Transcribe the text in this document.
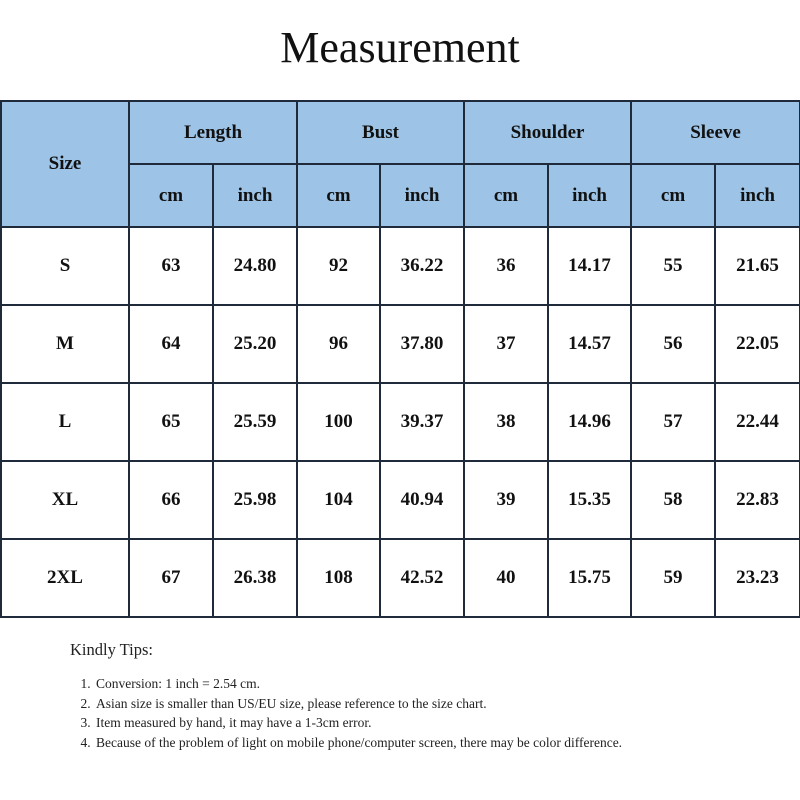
Measurement
Size	Length		Bust		Shoulder		Sleeve	
	cm	inch	cm	inch	cm	inch	cm	inch
S	63	24.80	92	36.22	36	14.17	55	21.65
M	64	25.20	96	37.80	37	14.57	56	22.05
L	65	25.59	100	39.37	38	14.96	57	22.44
XL	66	25.98	104	40.94	39	15.35	58	22.83
2XL	67	26.38	108	42.52	40	15.75	59	23.23
Kindly Tips:
1. Conversion: 1 inch = 2.54 cm.
2. Asian size is smaller than US/EU size, please reference to the size chart.
3. Item measured by hand, it may have a 1-3cm error.
4. Because of the problem of light on mobile phone/computer screen, there may be color difference.
